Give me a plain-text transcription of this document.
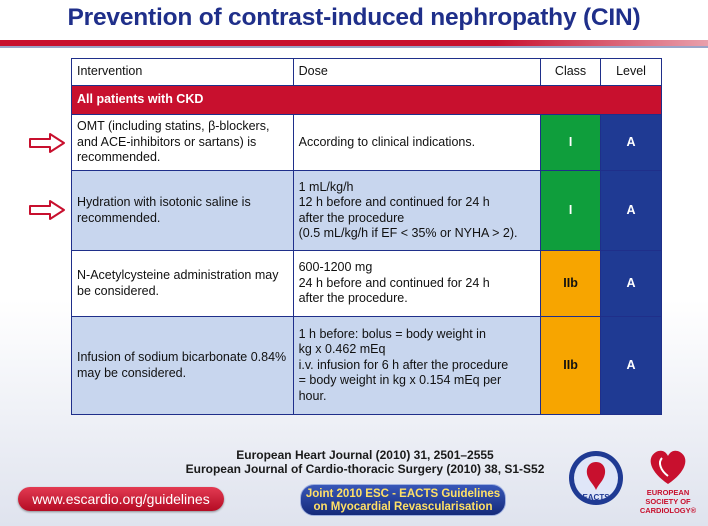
Prevention of contrast-induced nephropathy (CIN)
Intervention	Dose	Class	Level
All patients with CKD			
OMT (including statins, β-blockers, and ACE-inhibitors or sartans) is recommended.	According to clinical indications.	I	A
Hydration with isotonic saline is recommended.	1 mL/kg/h
12 h before and continued for 24 h
after the procedure
(0.5 mL/kg/h if EF < 35% or NYHA > 2).	I	A
N-Acetylcysteine administration may be considered.	600-1200 mg
24 h before and continued for 24 h
after the procedure.	IIb	A
Infusion of sodium bicarbonate 0.84% may be considered.	1 h before: bolus = body weight in
kg x 0.462 mEq
i.v. infusion for 6 h after the procedure
= body weight in kg x 0.154 mEq per
hour.	IIb	A
European Heart Journal (2010) 31, 2501–2555
European Journal of Cardio-thoracic Surgery (2010) 38, S1-S52
www.escardio.org/guidelines	Joint 2010 ESC - EACTS Guidelines
on Myocardial Revascularisation
EACTS
EUROPEAN
SOCIETY OF
CARDIOLOGY®
